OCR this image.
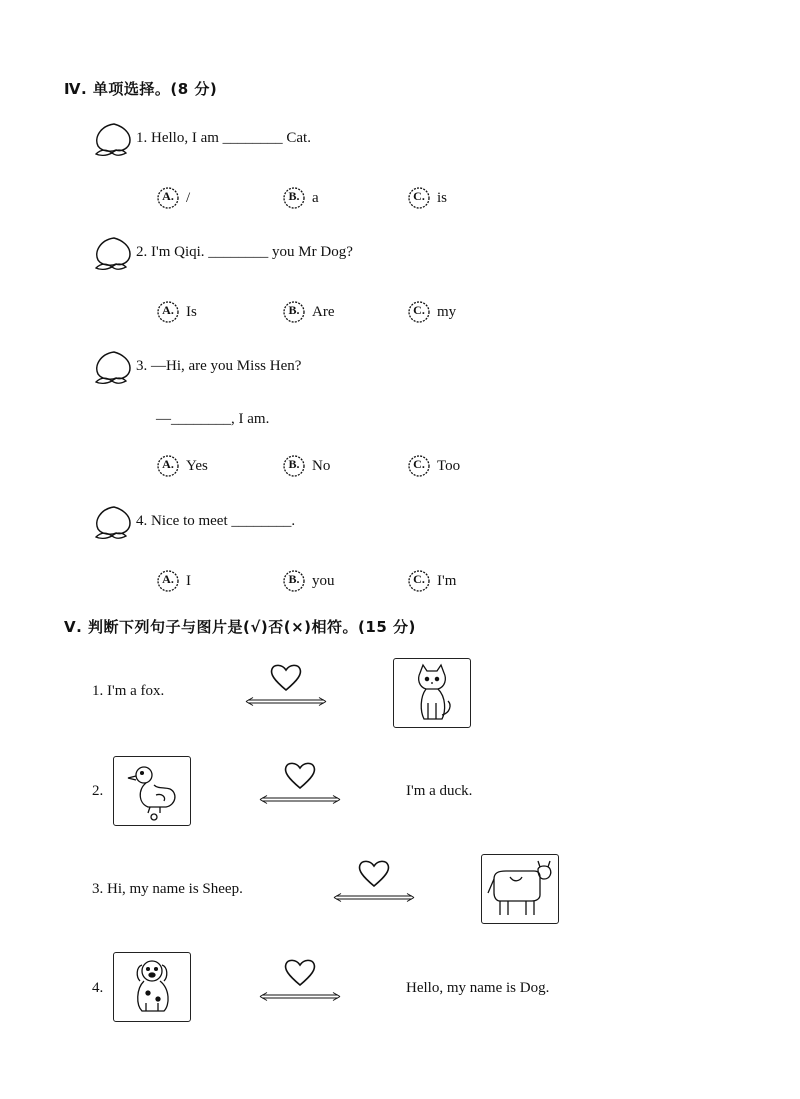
Ⅳ. 单项选择。(8 分)
1. Hello, I am ________ Cat.
A. /	B. a	C. is
2. I'm Qiqi. ________ you Mr Dog?
A. Is	B. Are	C. my
3. —Hi, are you Miss Hen?
—________, I am.
A. Yes	B. No	C. Too
4. Nice to meet ________.
A. I	B. you	C. I'm
Ⅴ. 判断下列句子与图片是(√)否(×)相符。(15 分)
1. I'm a fox.
2.	I'm a duck.
3. Hi, my name is Sheep.
4.	Hello, my name is Dog.
